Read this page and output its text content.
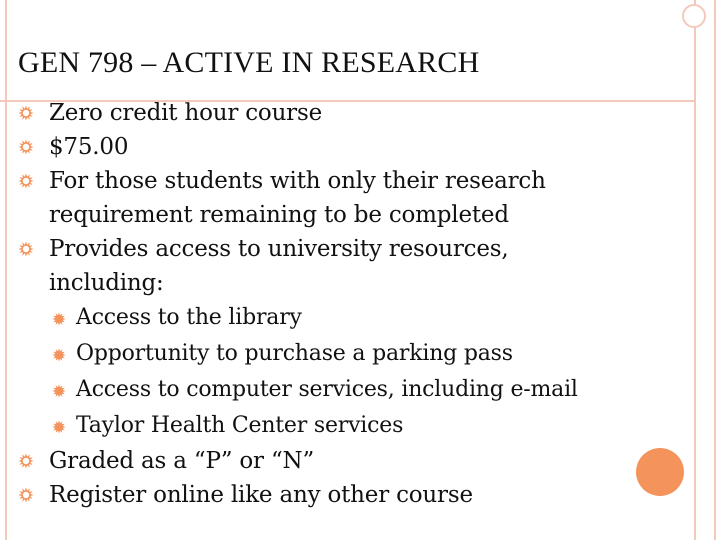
GEN 798 – ACTIVE IN RESEARCH
Zero credit hour course
$75.00
For those students with only their research
requirement remaining to be completed
Provides access to university resources,
including:
Access to the library
Opportunity to purchase a parking pass
Access to computer services, including e-mail
Taylor Health Center services
Graded as a “P” or “N”
Register online like any other course
